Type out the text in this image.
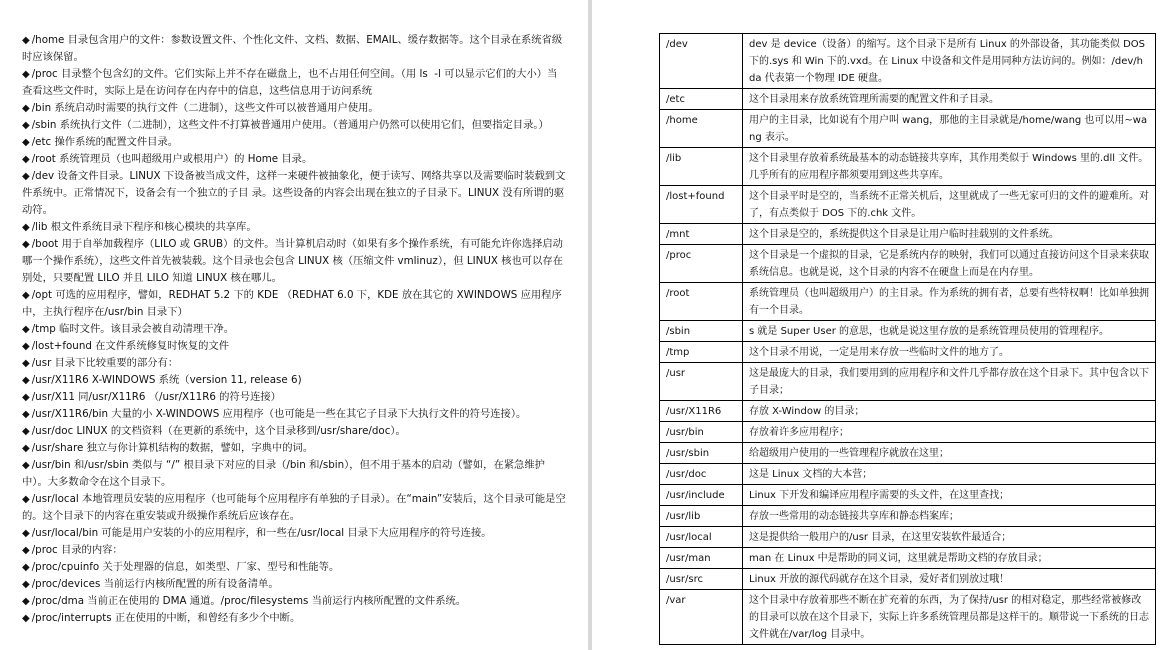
◆ /home 目录包含用户的文件：参数设置文件、个性化文件、文档、数据、EMAIL、缓存数据等。这个目录在系统省级时应该保留。
◆ /proc 目录整个包含幻的文件。它们实际上并不存在磁盘上，也不占用任何空间。（用 ls  -l 可以显示它们的大小）当查看这些文件时，实际上是在访问存在内存中的信息，这些信息用于访问系统
◆ /bin 系统启动时需要的执行文件（二进制），这些文件可以被普通用户使用。
◆ /sbin 系统执行文件（二进制），这些文件不打算被普通用户使用。（普通用户仍然可以使用它们，但要指定目录。）
◆ /etc 操作系统的配置文件目录。
◆ /root 系统管理员（也叫超级用户或根用户）的 Home 目录。
◆ /dev 设备文件目录。LINUX 下设备被当成文件，这样一来硬件被抽象化，便于读写、网络共享以及需要临时装载到文件系统中。正常情况下，设备会有一个独立的子目 录。这些设备的内容会出现在独立的子目录下。LINUX 没有所谓的驱动符。
◆ /lib 根文件系统目录下程序和核心模块的共享库。
◆ /boot 用于自举加载程序（LILO 或 GRUB）的文件。当计算机启动时（如果有多个操作系统，有可能允许你选择启动哪一个操作系统），这些文件首先被装载。这个目录也会包含 LINUX 核（压缩文件 vmlinuz），但 LINUX 核也可以存在别处，只要配置 LILO 并且 LILO 知道 LINUX 核在哪儿。
◆ /opt 可选的应用程序，譬如，REDHAT 5.2 下的 KDE （REDHAT 6.0 下，KDE 放在其它的 XWINDOWS 应用程序中，主执行程序在/usr/bin 目录下）
◆ /tmp 临时文件。该目录会被自动清理干净。
◆ /lost+found 在文件系统修复时恢复的文件
◆ /usr 目录下比较重要的部分有：
◆ /usr/X11R6 X-WINDOWS 系统（version 11, release 6)
◆ /usr/X11 同/usr/X11R6 （/usr/X11R6 的符号连接）
◆ /usr/X11R6/bin 大量的小 X-WINDOWS 应用程序（也可能是一些在其它子目录下大执行文件的符号连接）。
◆ /usr/doc LINUX 的文档资料（在更新的系统中，这个目录移到/usr/share/doc）。
◆ /usr/share 独立与你计算机结构的数据，譬如，字典中的词。
◆ /usr/bin 和/usr/sbin 类似与 “/” 根目录下对应的目录（/bin 和/sbin），但不用于基本的启动（譬如，在紧急维护中）。大多数命令在这个目录下。
◆ /usr/local 本地管理员安装的应用程序（也可能每个应用程序有单独的子目录）。在“main”安装后，这个目录可能是空的。这个目录下的内容在重安装或升级操作系统后应该存在。
◆ /usr/local/bin 可能是用户安装的小的应用程序，和一些在/usr/local 目录下大应用程序的符号连接。
◆ /proc 目录的内容：
◆ /proc/cpuinfo 关于处理器的信息，如类型、厂家、型号和性能等。
◆ /proc/devices 当前运行内核所配置的所有设备清单。
◆ /proc/dma 当前正在使用的 DMA 通道。/proc/filesystems 当前运行内核所配置的文件系统。
◆ /proc/interrupts 正在使用的中断，和曾经有多少个中断。
/dev	dev 是 device（设备）的缩写。这个目录下是所有 Linux 的外部设备，其功能类似 DOS 下的.sys 和 Win 下的.vxd。在 Linux 中设备和文件是用同种方法访问的。例如：/dev/hda 代表第一个物理 IDE 硬盘。
/etc	这个目录用来存放系统管理所需要的配置文件和子目录。
/home	用户的主目录，比如说有个用户叫 wang，那他的主目录就是/home/wang 也可以用~wang 表示。
/lib	这个目录里存放着系统最基本的动态链接共享库，其作用类似于 Windows 里的.dll 文件。几乎所有的应用程序都须要用到这些共享库。
/lost+found	这个目录平时是空的，当系统不正常关机后，这里就成了一些无家可归的文件的避难所。对了，有点类似于 DOS 下的.chk 文件。
/mnt	这个目录是空的，系统提供这个目录是让用户临时挂载别的文件系统。
/proc	这个目录是一个虚拟的目录，它是系统内存的映射，我们可以通过直接访问这个目录来获取系统信息。也就是说，这个目录的内容不在硬盘上而是在内存里。
/root	系统管理员（也叫超级用户）的主目录。作为系统的拥有者，总要有些特权啊！比如单独拥有一个目录。
/sbin	s 就是 Super User 的意思，也就是说这里存放的是系统管理员使用的管理程序。
/tmp	这个目录不用说，一定是用来存放一些临时文件的地方了。
/usr	这是最庞大的目录，我们要用到的应用程序和文件几乎都存放在这个目录下。其中包含以下子目录；
/usr/X11R6	存放 X-Window 的目录；
/usr/bin	存放着许多应用程序；
/usr/sbin	给超级用户使用的一些管理程序就放在这里；
/usr/doc	这是 Linux 文档的大本营；
/usr/include	Linux 下开发和编译应用程序需要的头文件，在这里查找；
/usr/lib	存放一些常用的动态链接共享库和静态档案库；
/usr/local	这是提供给一般用户的/usr 目录，在这里安装软件最适合；
/usr/man	man 在 Linux 中是帮助的同义词，这里就是帮助文档的存放目录；
/usr/src	Linux 开放的源代码就存在这个目录，爱好者们别放过哦！
/var	这个目录中存放着那些不断在扩充着的东西，为了保持/usr 的相对稳定，那些经常被修改的目录可以放在这个目录下，实际上许多系统管理员都是这样干的。顺带说一下系统的日志文件就在/var/log 目录中。
